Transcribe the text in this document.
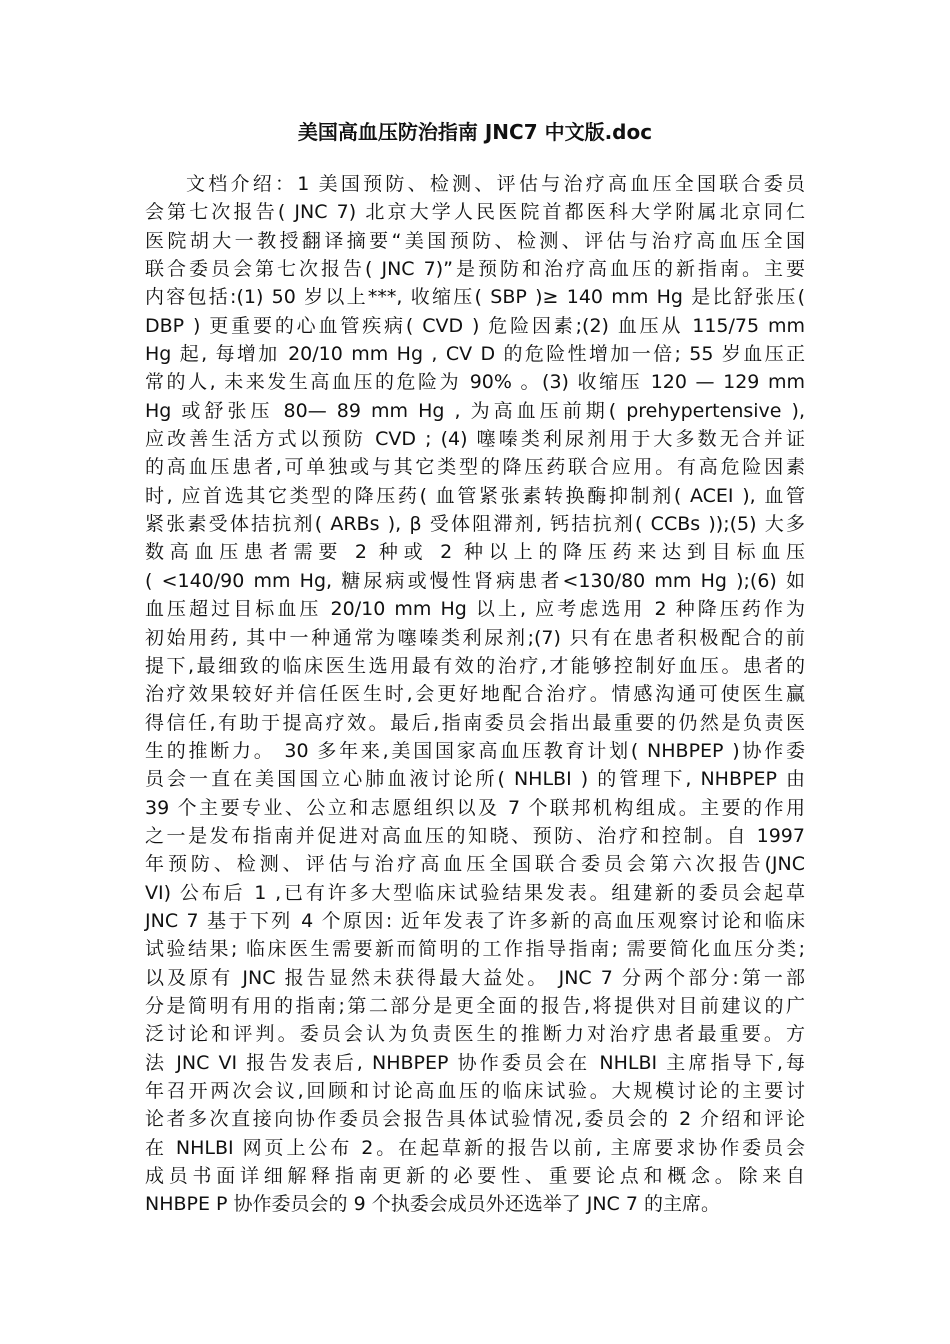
美国高血压防治指南 JNC7 中文版.doc
文档介绍：1 美国预防、检测、评估与治疗高血压全国联合委员
会第七次报告( JNC 7) 北京大学人民医院首都医科大学附属北京同仁
医院胡大一教授翻译摘要“美国预防、检测、评估与治疗高血压全国
联合委员会第七次报告( JNC 7)”是预防和治疗高血压的新指南。主要
内容包括:(1) 50 岁以上***, 收缩压( SBP )≥ 140 mm Hg 是比舒张压(
DBP ) 更重要的心血管疾病( CVD ) 危险因素;(2) 血压从 115/75 mm
Hg 起, 每增加 20/10 mm Hg , CV D 的危险性增加一倍; 55 岁血压正
常的人, 未来发生高血压的危险为 90% 。(3) 收缩压 120 — 129 mm
Hg 或舒张压 80— 89 mm Hg , 为高血压前期( prehypertensive ),
应改善生活方式以预防 CVD ; (4) 噻嗪类利尿剂用于大多数无合并证
的高血压患者,可单独或与其它类型的降压药联合应用。有高危险因素
时, 应首选其它类型的降压药( 血管紧张素转换酶抑制剂( ACEI ), 血管
紧张素受体拮抗剂( ARBs ), β 受体阻滞剂, 钙拮抗剂( CCBs ));(5) 大多
数高血压患者需要 2 种或 2 种以上的降压药来达到目标血压
( <140/90 mm Hg, 糖尿病或慢性肾病患者<130/80 mm Hg );(6) 如
血压超过目标血压 20/10 mm Hg 以上, 应考虑选用 2 种降压药作为
初始用药, 其中一种通常为噻嗪类利尿剂;(7) 只有在患者积极配合的前
提下,最细致的临床医生选用最有效的治疗,才能够控制好血压。患者的
治疗效果较好并信任医生时,会更好地配合治疗。情感沟通可使医生赢
得信任,有助于提高疗效。最后,指南委员会指出最重要的仍然是负责医
生的推断力。 30 多年来,美国国家高血压教育计划( NHBPEP )协作委
员会一直在美国国立心肺血液讨论所( NHLBI ) 的管理下, NHBPEP 由
39 个主要专业、公立和志愿组织以及 7 个联邦机构组成。主要的作用
之一是发布指南并促进对高血压的知晓、预防、治疗和控制。自 1997
年预防、检测、评估与治疗高血压全国联合委员会第六次报告(JNC
VI) 公布后 1 ,已有许多大型临床试验结果发表。组建新的委员会起草
JNC 7 基于下列 4 个原因: 近年发表了许多新的高血压观察讨论和临床
试验结果; 临床医生需要新而简明的工作指导指南; 需要简化血压分类;
以及原有 JNC 报告显然未获得最大益处。 JNC 7 分两个部分:第一部
分是简明有用的指南;第二部分是更全面的报告,将提供对目前建议的广
泛讨论和评判。委员会认为负责医生的推断力对治疗患者最重要。方
法 JNC VI 报告发表后, NHBPEP 协作委员会在 NHLBI 主席指导下,每
年召开两次会议,回顾和讨论高血压的临床试验。大规模讨论的主要讨
论者多次直接向协作委员会报告具体试验情况,委员会的 2 介绍和评论
在 NHLBI 网页上公布 2。在起草新的报告以前, 主席要求协作委员会
成员书面详细解释指南更新的必要性、重要论点和概念。除来自
NHBPE P 协作委员会的 9 个执委会成员外还选举了 JNC 7 的主席。
